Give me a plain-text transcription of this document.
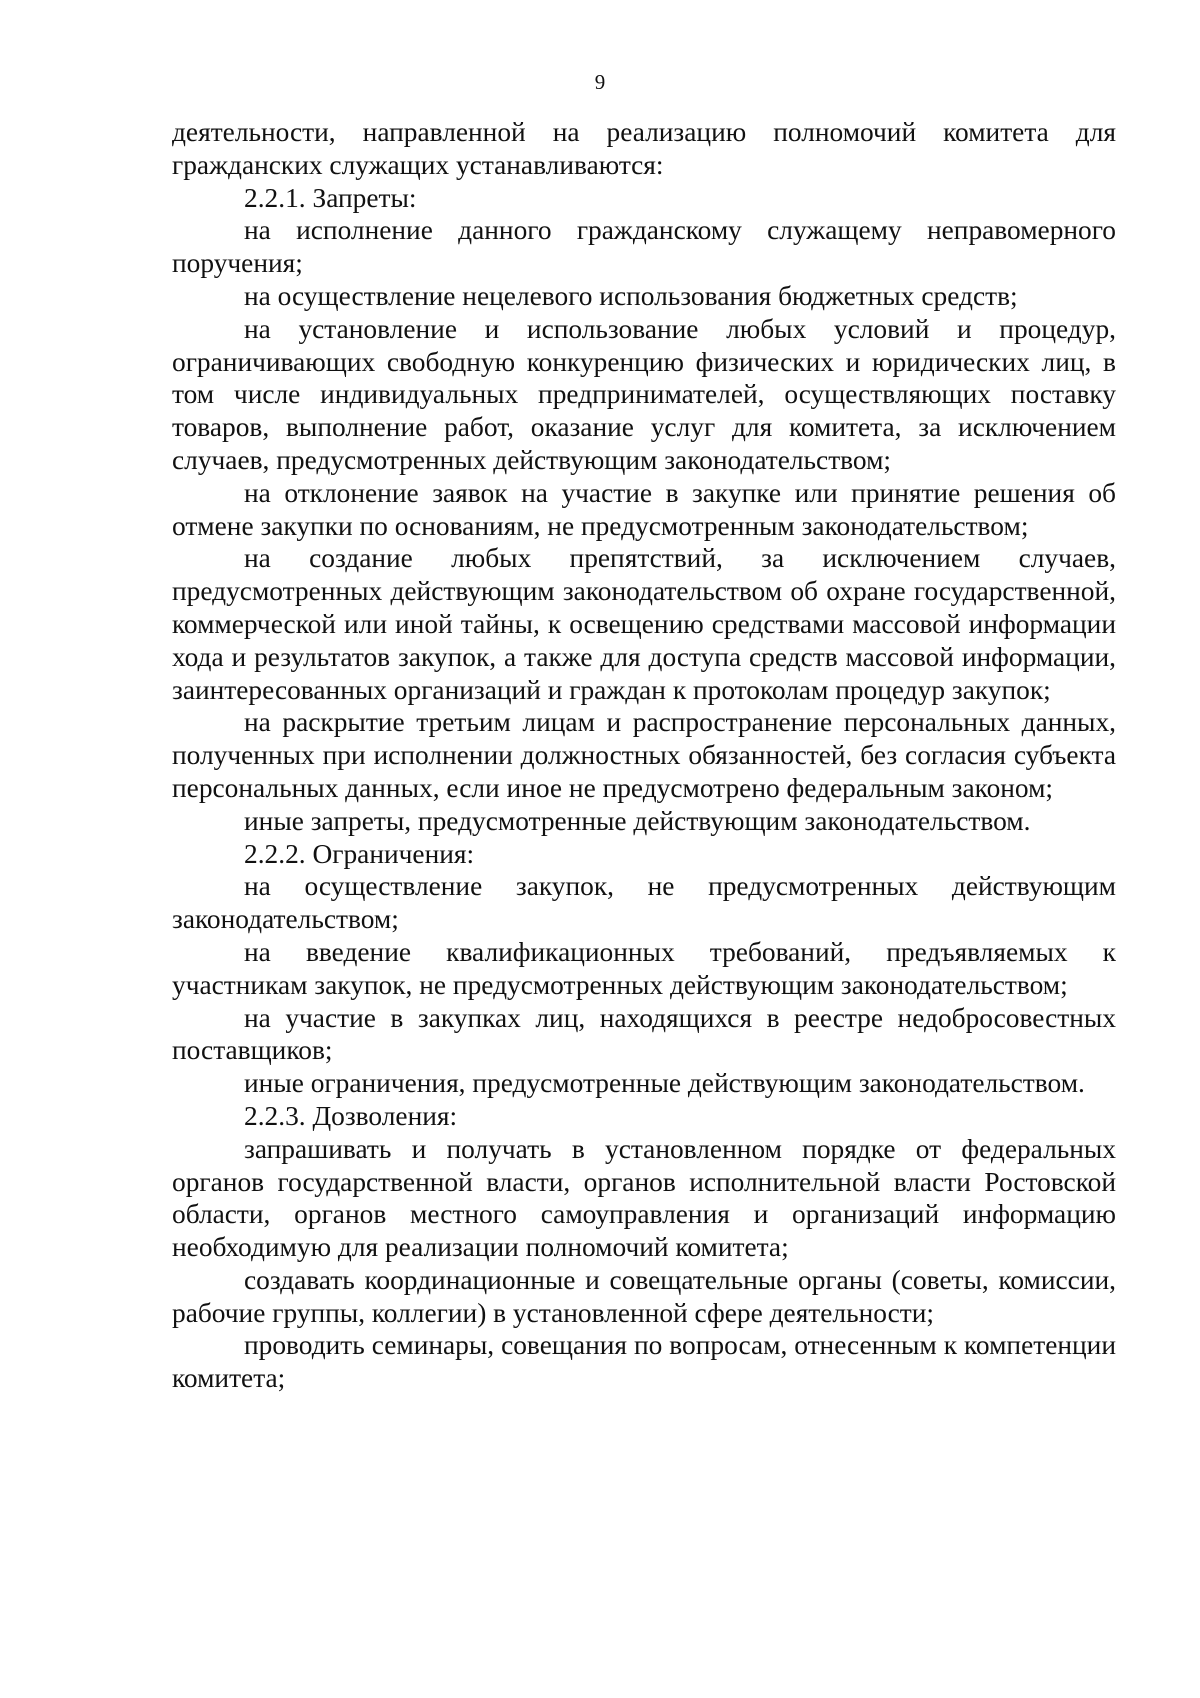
9

деятельности, направленной на реализацию полномочий комитета для гражданских служащих устанавливаются:

2.2.1. Запреты:

на исполнение данного гражданскому служащему неправомерного поручения;

на осуществление нецелевого использования бюджетных средств;

на установление и использование любых условий и процедур, ограничивающих свободную конкуренцию физических и юридических лиц, в том числе индивидуальных предпринимателей, осуществляющих поставку товаров, выполнение работ, оказание услуг для комитета, за исключением случаев, предусмотренных действующим законодательством;

на отклонение заявок на участие в закупке или принятие решения об отмене закупки по основаниям, не предусмотренным законодательством;

на создание любых препятствий, за исключением случаев, предусмотренных действующим законодательством об охране государственной, коммерческой или иной тайны, к освещению средствами массовой информации хода и результатов закупок, а также для доступа средств массовой информации, заинтересованных организаций и граждан к протоколам процедур закупок;

на раскрытие третьим лицам и распространение персональных данных, полученных при исполнении должностных обязанностей, без согласия субъекта персональных данных, если иное не предусмотрено федеральным законом;

иные запреты, предусмотренные действующим законодательством.

2.2.2. Ограничения:

на осуществление закупок, не предусмотренных действующим законодательством;

на введение квалификационных требований, предъявляемых к участникам закупок, не предусмотренных действующим законодательством;

на участие в закупках лиц, находящихся в реестре недобросовестных поставщиков;

иные ограничения, предусмотренные действующим законодательством.

2.2.3. Дозволения:

запрашивать и получать в установленном порядке от федеральных органов государственной власти, органов исполнительной власти Ростовской области, органов местного самоуправления и организаций информацию необходимую для реализации полномочий комитета;

создавать координационные и совещательные органы (советы, комиссии, рабочие группы, коллегии) в установленной сфере деятельности;

проводить семинары, совещания по вопросам, отнесенным к компетенции комитета;
